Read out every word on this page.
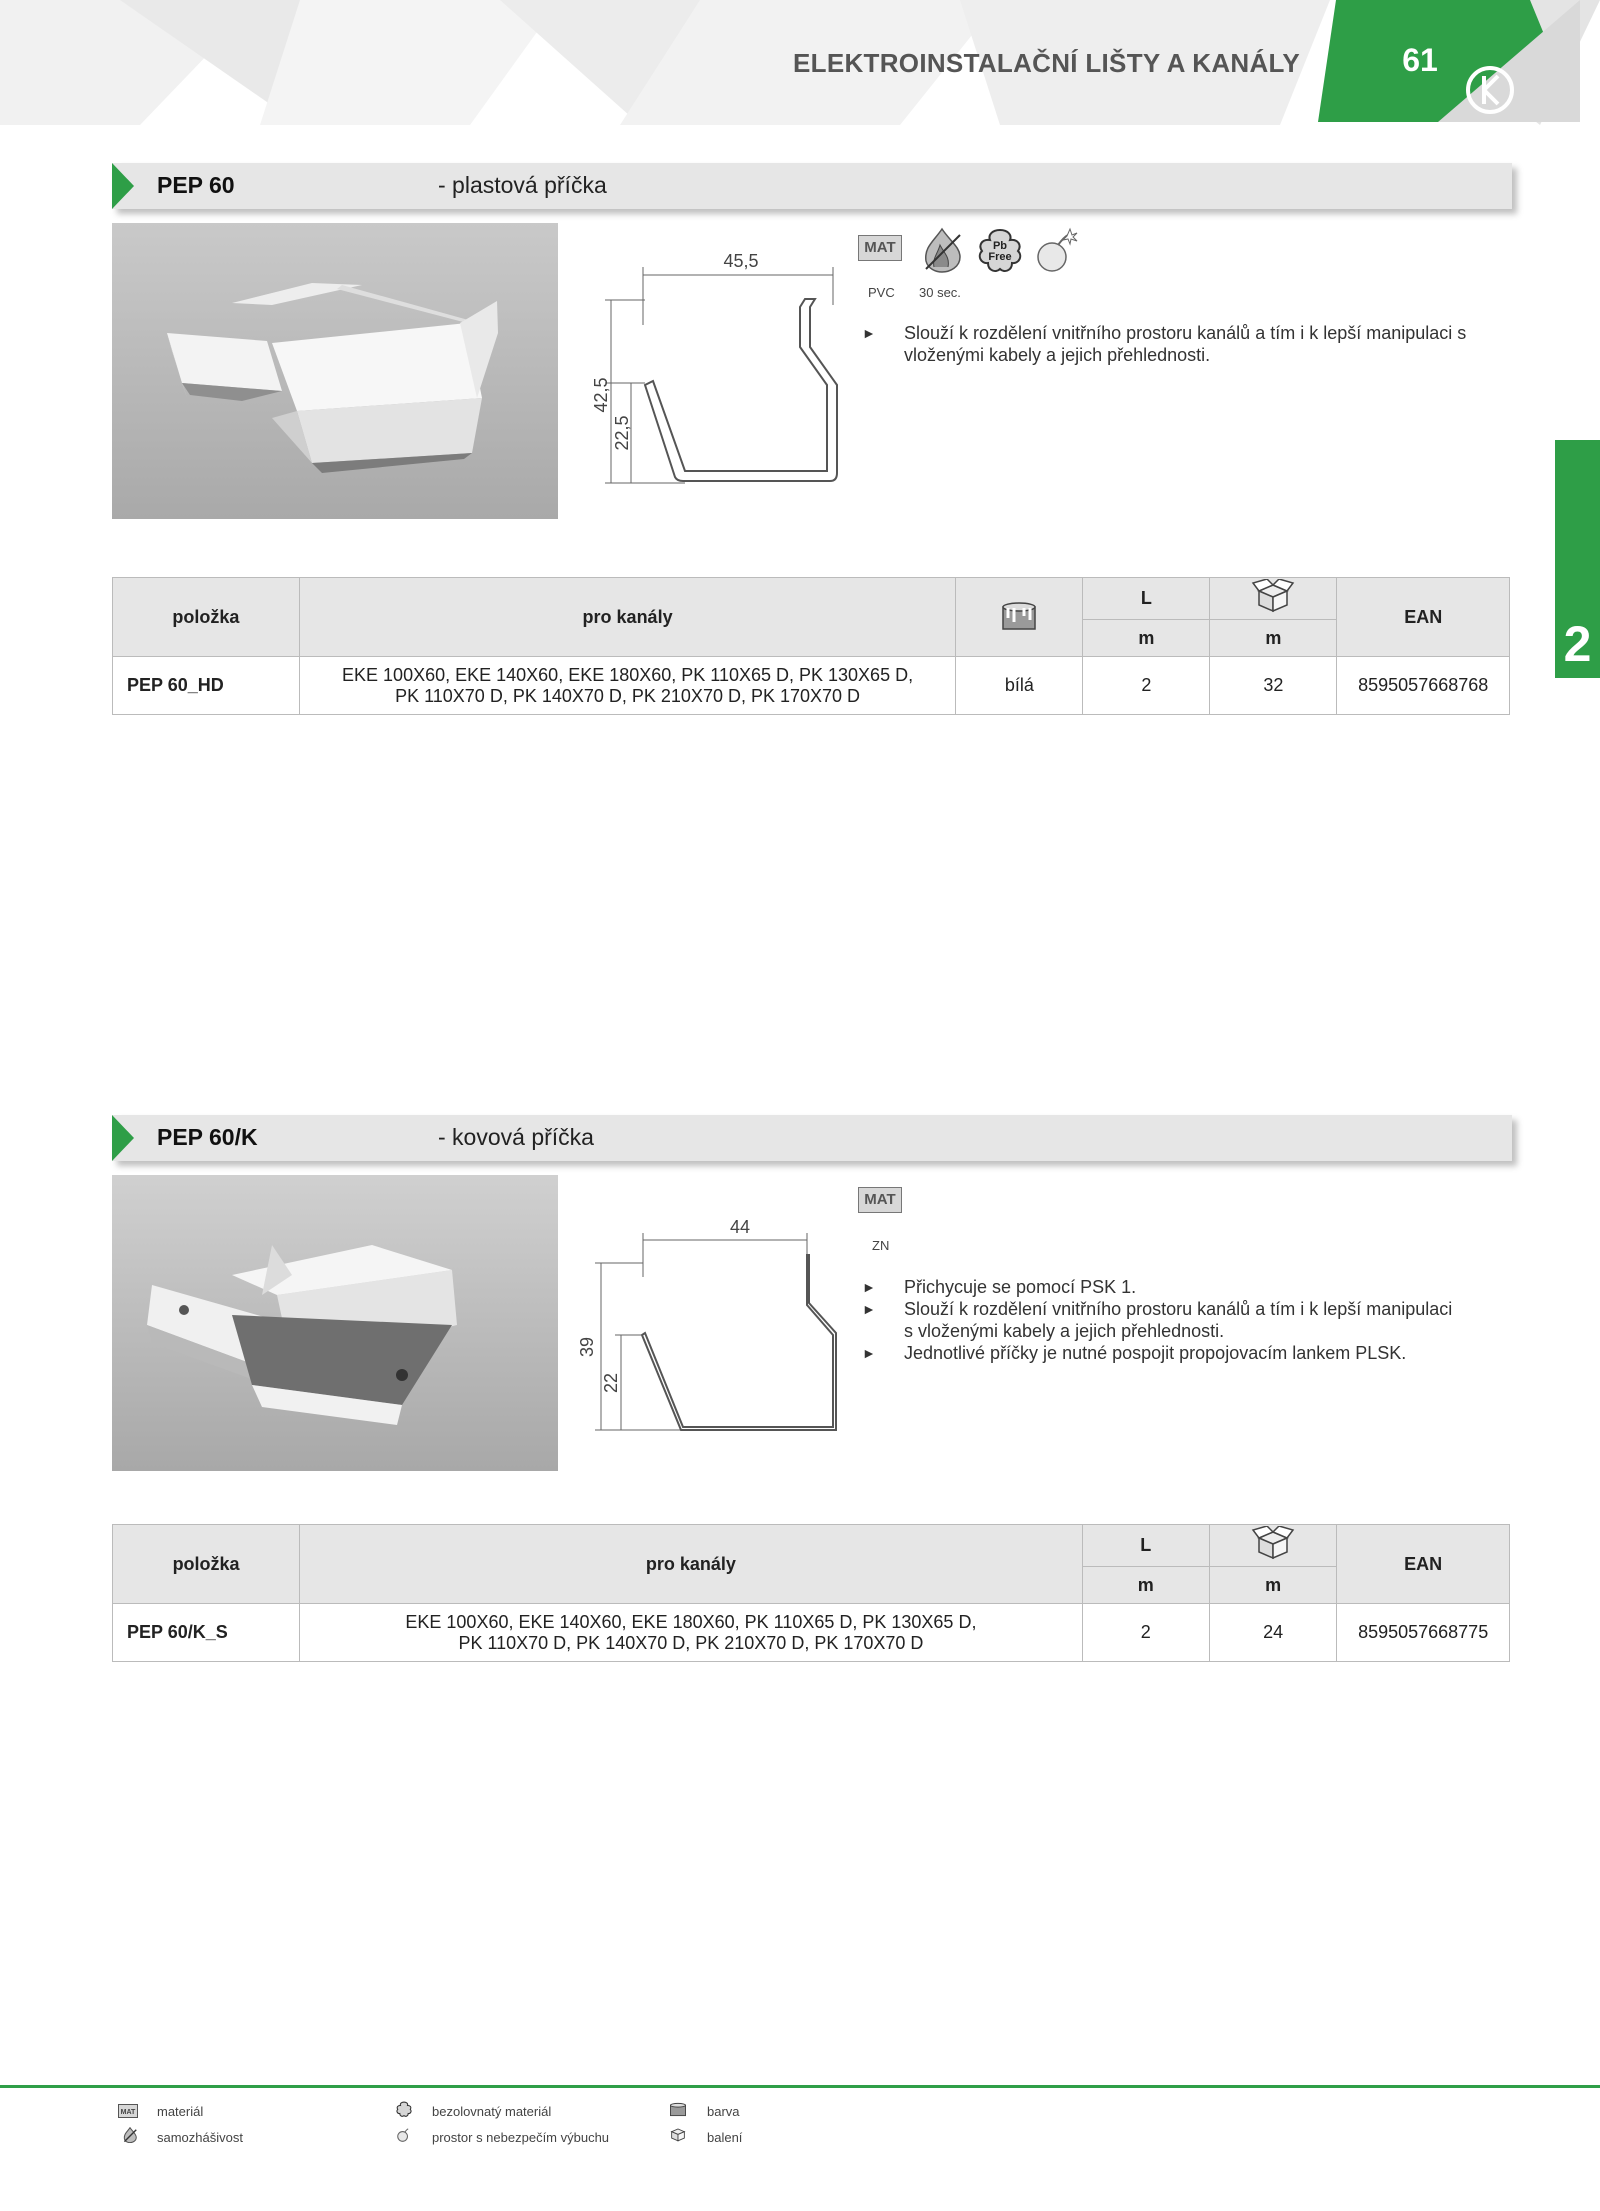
ELEKTROINSTALAČNÍ LIŠTY A KANÁLY	61
2
PEP 60	- plastová příčka
45,5
42,5
22,5
MAT	Pb
Free
PVC 30 sec.
►	Slouží k rozdělení vnitřního prostoru kanálů a tím i k lepší manipulaci s
vloženými kabely a jejich přehlednosti.
položka	pro kanály		L		EAN
			m	m	
PEP 60_HD	EKE 100X60, EKE 140X60, EKE 180X60, PK 110X65 D, PK 130X65 D,
PK 110X70 D, PK 140X70 D, PK 210X70 D, PK 170X70 D	bílá	2	32	8595057668768
PEP 60/K	- kovová příčka
44
39
22
MAT
ZN
►	Přichycuje se pomocí PSK 1.
►	Slouží k rozdělení vnitřního prostoru kanálů a tím i k lepší manipulaci
s vloženými kabely a jejich přehlednosti.
►	Jednotlivé příčky je nutné pospojit propojovacím lankem PLSK.
položka	pro kanály	L		EAN
		m	m	
PEP 60/K_S	EKE 100X60, EKE 140X60, EKE 180X60, PK 110X65 D, PK 130X65 D,
PK 110X70 D, PK 140X70 D, PK 210X70 D, PK 170X70 D	2	24	8595057668775
MAT materiál
samozhášivost
bezolovnatý materiál
prostor s nebezpečím výbuchu
barva
balení
